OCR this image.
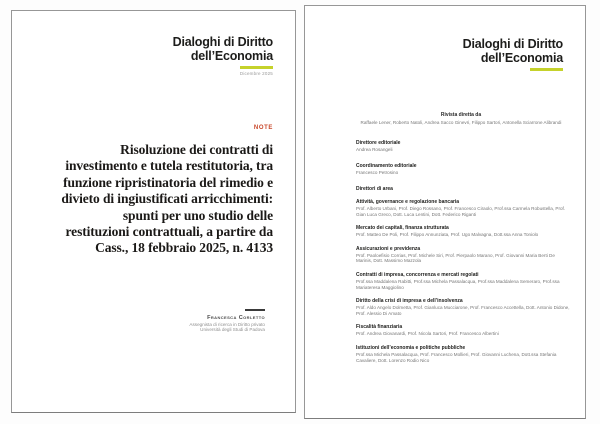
Dialoghi di Diritto
dell’Economia
Dicembre 2025
NOTE
Risoluzione dei contratti di investimento e tutela restitutoria, tra funzione ripristinatoria del rimedio e divieto di ingiustificati arricchimenti: spunti per uno studio delle restituzioni contrattuali, a partire da Cass., 18 febbraio 2025, n. 4133
Francesca Corletto
Assegnista di ricerca in Diritto privato
Università degli Studi di Padova
Dialoghi di Diritto
dell’Economia
Rivista diretta da
Raffaele Lener, Roberto Natoli, Andrea Sacco Ginevri, Filippo Sartori, Antonella Sciarrone Alibrandi
Direttore editoriale
Andrea Rosangeli
Coordinamento editoriale
Francesco Petrosino
Direttori di area
Attività, governance e regolazione bancaria
Prof. Alberto Urbani, Prof. Diego Rossano, Prof. Francesco Ciraolo, Prof.ssa Carmela Robustella, Prof. Gian Luca Greco, Dott. Luca Lentini, Dott. Federico Riganti
Mercato dei capitali, finanza strutturata
Prof. Matteo De Poli, Prof. Filippo Annunziata, Prof. Ugo Malvagna, Dott.ssa Anna Toniolo
Assicurazioni e previdenza
Prof. Paoloefisio Corrias, Prof. Michele Siri, Prof. Pierpaolo Marano, Prof. Giovanni Maria Berti De Marinis, Dott. Massimo Mazzola
Contratti di impresa, concorrenza e mercati regolati
Prof.ssa Maddalena Rabitti, Prof.ssa Michela Passalacqua, Prof.ssa Maddalena Semeraro, Prof.ssa Mariateresa Maggiolino
Diritto della crisi di impresa e dell’insolvenza
Prof. Aldo Angelo Dolmetta, Prof. Gianluca Mucciarone, Prof. Francesco Accettella, Dott. Antonio Didone, Prof. Alessio Di Amato
Fiscalità finanziaria
Prof. Andrea Giovanardi, Prof. Nicola Sartori, Prof. Francesco Albertini
Istituzioni dell’economia e politiche pubbliche
Prof.ssa Michela Passalacqua, Prof. Francesco Mollieri, Prof. Giovanni Luchena, Dott.ssa Stefania Cavaliere, Dott. Lorenzo Rodio Nico
